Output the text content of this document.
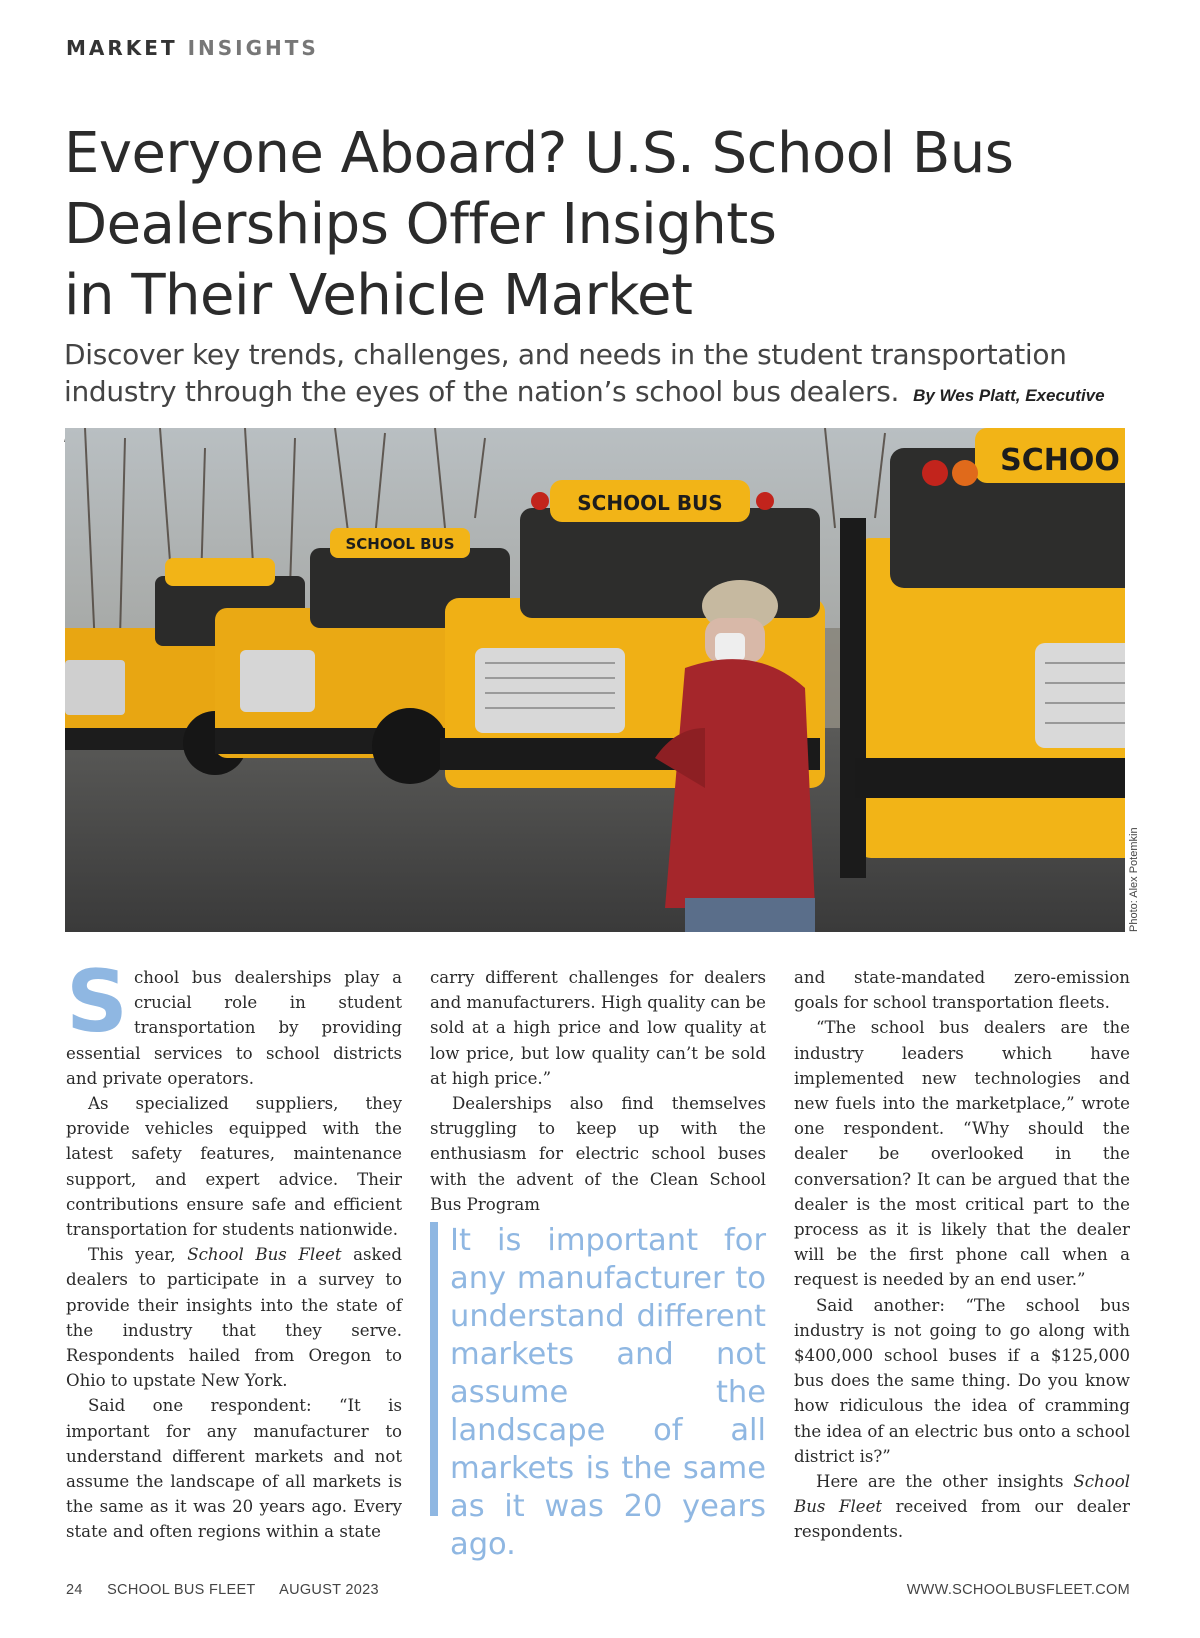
MARKET INSIGHTS
Everyone Aboard? U.S. School Bus
Dealerships Offer Insights
in Their Vehicle Market

Discover key trends, challenges, and needs in the student transportation industry through the eyes of the nation’s school bus dealers. By Wes Platt, Executive

SCHOOL BUS
SCHOOL BUS
SCHOO
Photo: Alex Potemkin

School bus dealerships play a crucial role in student transportation by providing essential services to school districts and private operators.

As specialized suppliers, they provide vehicles equipped with the latest safety features, maintenance support, and expert advice. Their contributions ensure safe and efficient transportation for students nationwide.

This year, School Bus Fleet asked dealers to participate in a survey to provide their insights into the state of the industry that they serve. Respondents hailed from Oregon to Ohio to upstate New York.

Said one respondent: “It is important for any manufacturer to understand different markets and not assume the landscape of all markets is the same as it was 20 years ago. Every state and often regions within a state

carry different challenges for dealers and manufacturers. High quality can be sold at a high price and low quality at low price, but low quality can’t be sold at high price.”

Dealerships also find themselves struggling to keep up with the enthusiasm for electric school buses with the advent of the Clean School Bus Program

It is important for any manufacturer to understand different markets and not assume the landscape of all markets is the same as it was 20 years ago.

and state-mandated zero-emission goals for school transportation fleets.

“The school bus dealers are the industry leaders which have implemented new technologies and new fuels into the marketplace,” wrote one respondent. “Why should the dealer be overlooked in the conversation? It can be argued that the dealer is the most critical part to the process as it is likely that the dealer will be the first phone call when a request is needed by an end user.”

Said another: “The school bus industry is not going to go along with $400,000 school buses if a $125,000 bus does the same thing. Do you know how ridiculous the idea of cramming the idea of an electric bus onto a school district is?”

Here are the other insights School Bus Fleet received from our dealer respondents.

24 SCHOOL BUS FLEET AUGUST 2023	WWW.SCHOOLBUSFLEET.COM
